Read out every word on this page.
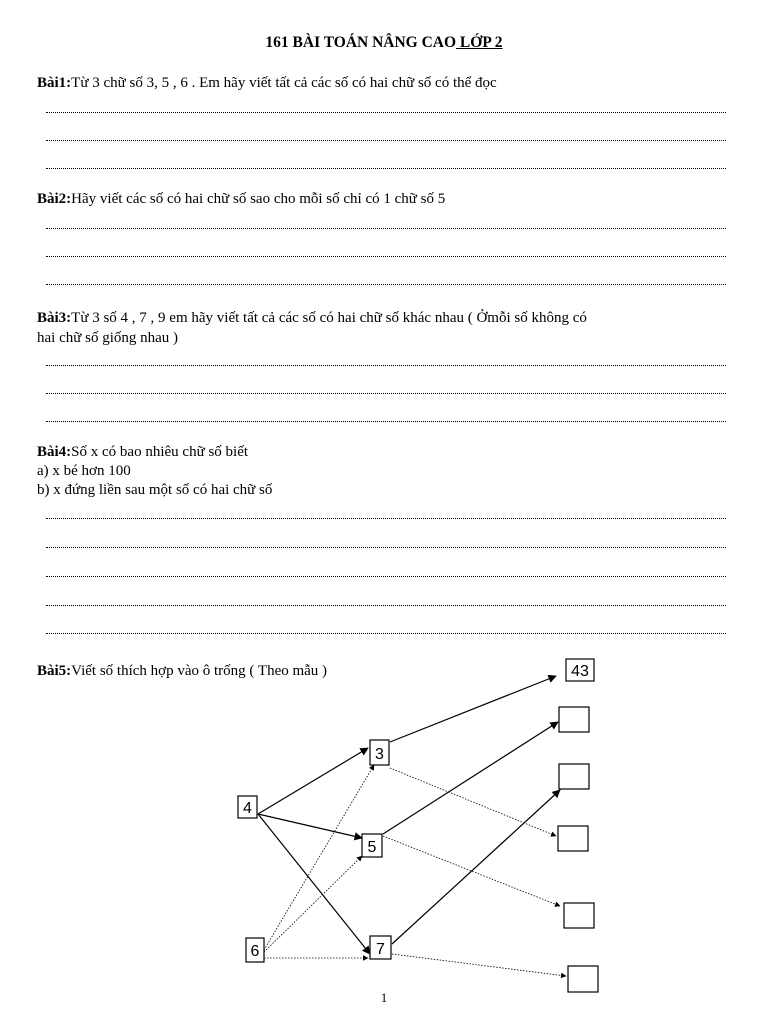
161 BÀI TOÁN NÂNG CAO LỚP 2
Bài1:Từ 3 chữ số 3, 5 , 6 . Em hãy viết tất cả các số có hai chữ số có thể đọc
Bài2:Hãy viết các số có hai chữ số sao cho mỗi số chỉ có 1 chữ số 5
Bài3:Từ 3 số 4 , 7 , 9 em hãy viết tất cả các số có hai chữ số khác nhau ( Ởmỗi số không có
hai chữ số giống nhau )
Bài4:Số x có bao nhiêu chữ số biết
a) x bé hơn 100
b) x đứng liền sau một số có hai chữ số
Bài5:Viết số thích hợp vào ô trống ( Theo mẫu )
4
6
3
5
7
43
1
